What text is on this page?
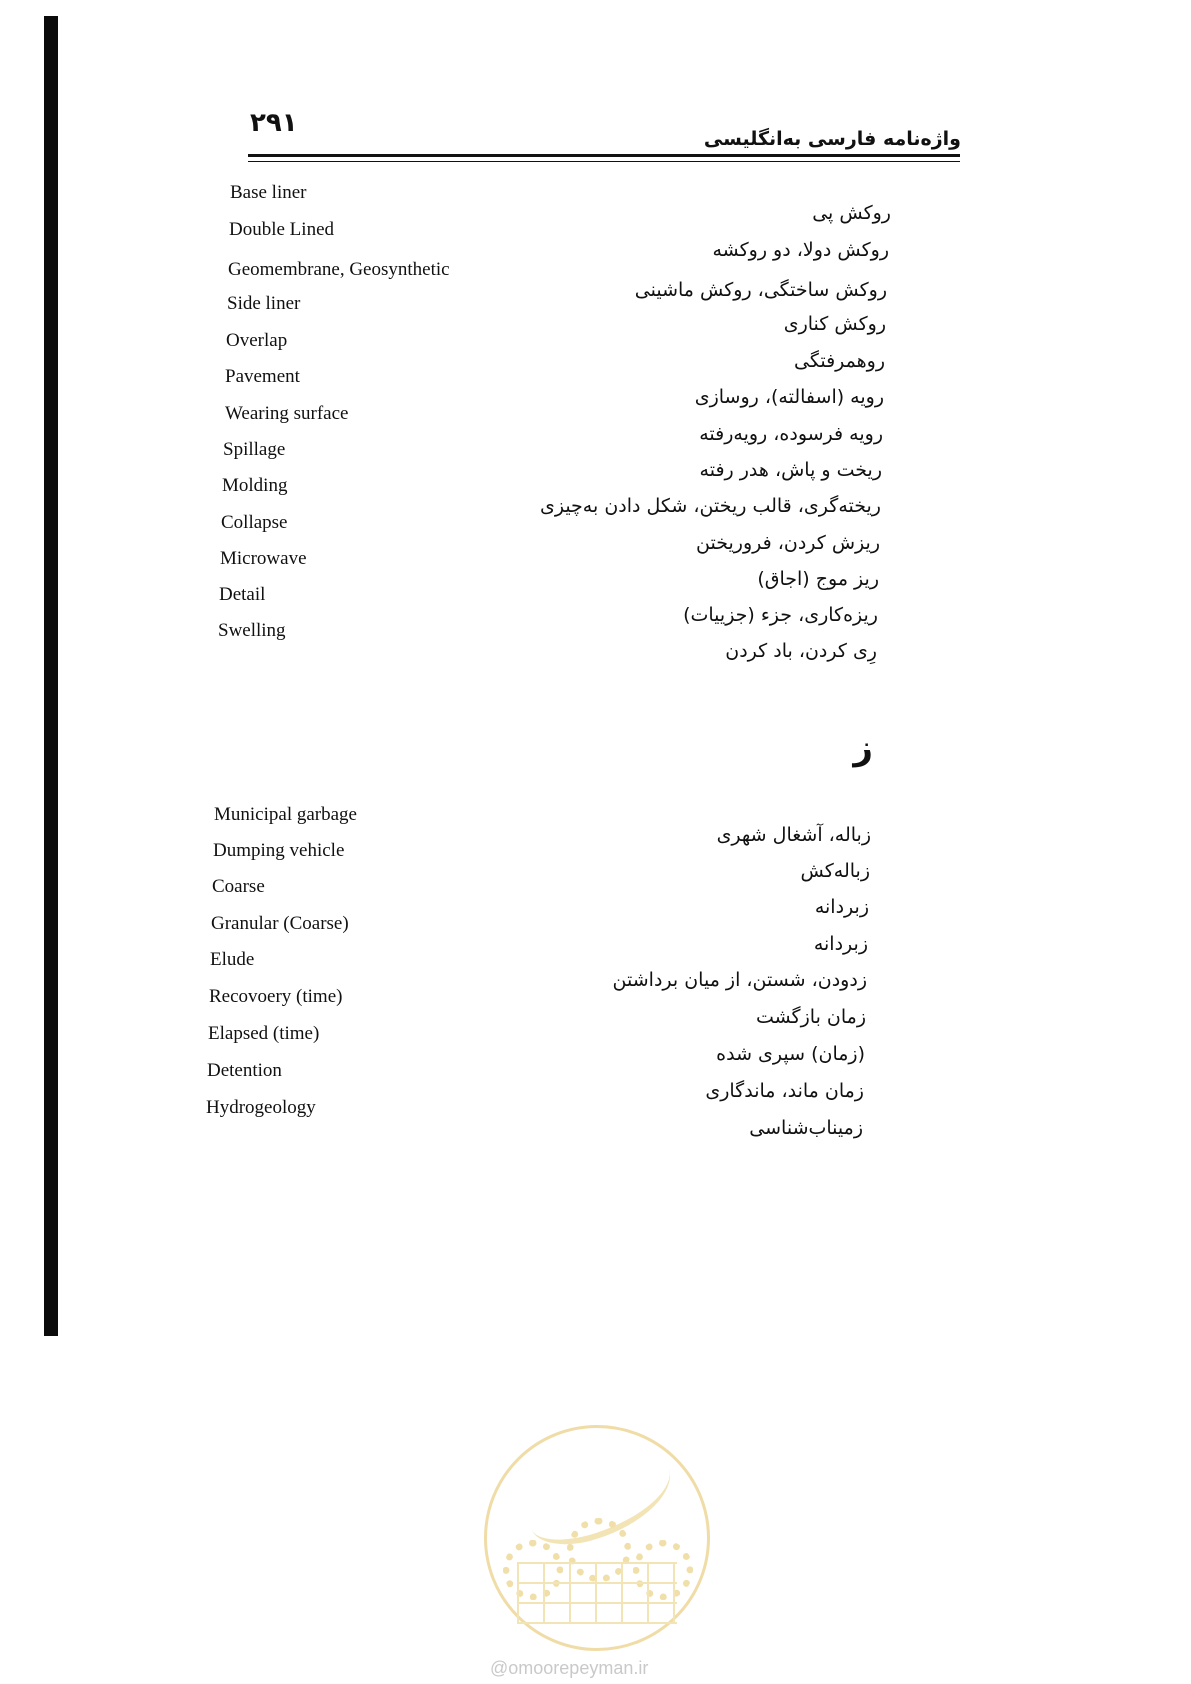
۲۹۱
واژه‌نامه فارسی به‌انگلیسی
Base liner
روکش پی
Double Lined
روکش دولا، دو روکشه
Geomembrane, Geosynthetic
روکش ساختگی، روکش ماشینی
Side liner
روکش کناری
Overlap
روهمرفتگی
Pavement
رویه (اسفالته)، روسازی
Wearing surface
رویه فرسوده، رویه‌رفته
Spillage
ریخت و پاش، هدر رفته
Molding
ریخته‌گری، قالب ریختن، شکل دادن به‌چیزی
Collapse
ریزش کردن، فروریختن
Microwave
ریز موج (اجاق)
Detail
ریزه‌کاری، جزء (جزییات)
Swelling
رِی کردن، باد کردن
ز
Municipal garbage
زباله، آشغال شهری
Dumping vehicle
زباله‌کش
Coarse
زبردانه
Granular (Coarse)
زبردانه
Elude
زدودن، شستن، از میان برداشتن
Recovoery (time)
زمان بازگشت
Elapsed (time)
(زمان) سپری شده
Detention
زمان ماند، ماندگاری
Hydrogeology
زمیناب‌شناسی
@omoorepeyman.ir
